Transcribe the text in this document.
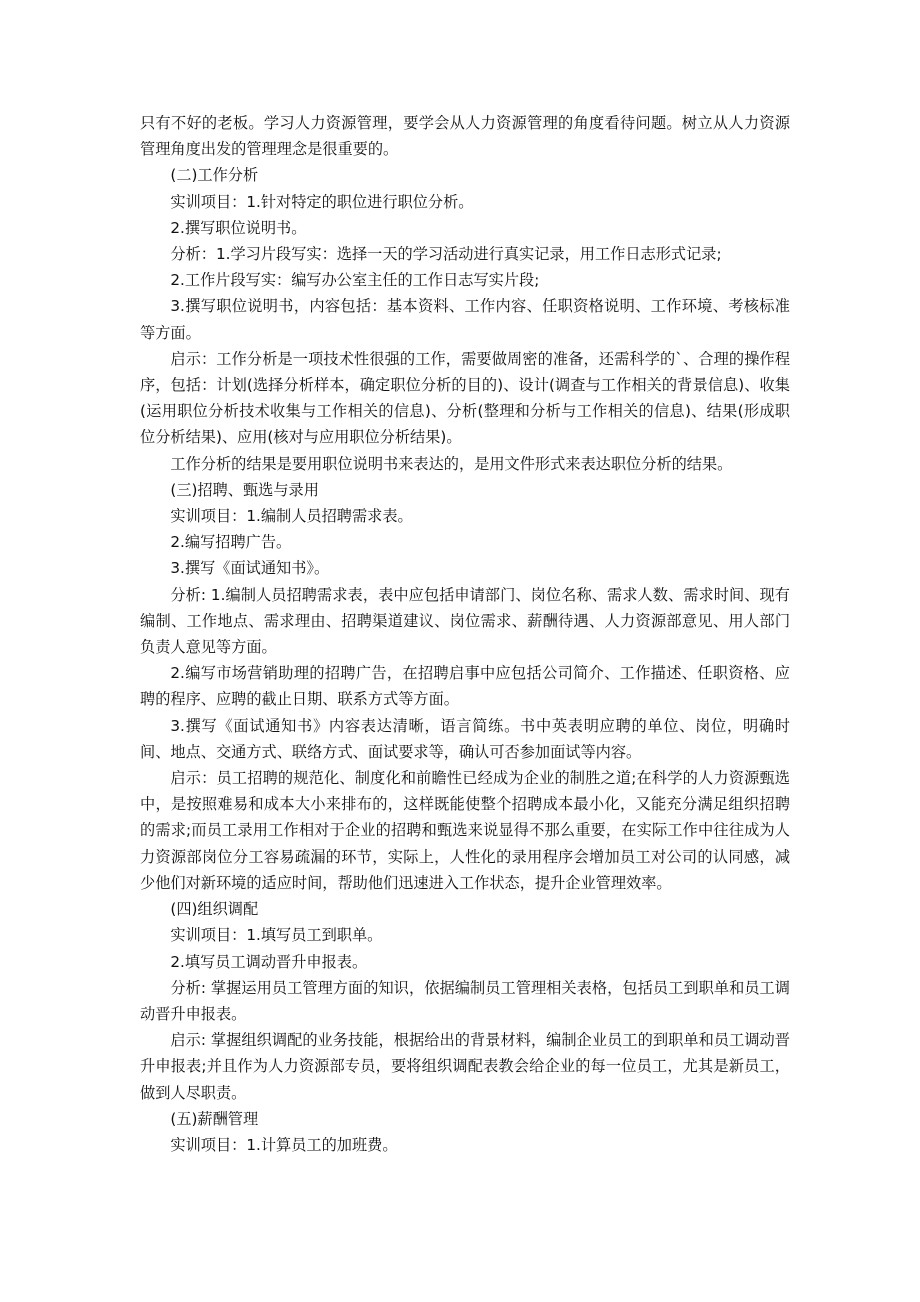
只有不好的老板。学习人力资源管理，要学会从人力资源管理的角度看待问题。树立从人力资源管理角度出发的管理理念是很重要的。

(二)工作分析

实训项目：1.针对特定的职位进行职位分析。

2.撰写职位说明书。

分析：1.学习片段写实：选择一天的学习活动进行真实记录，用工作日志形式记录;

2.工作片段写实：编写办公室主任的工作日志写实片段;

3.撰写职位说明书，内容包括：基本资料、工作内容、任职资格说明、工作环境、考核标准等方面。

启示：工作分析是一项技术性很强的工作，需要做周密的准备，还需科学的`、合理的操作程序，包括：计划(选择分析样本，确定职位分析的目的)、设计(调查与工作相关的背景信息)、收集(运用职位分析技术收集与工作相关的信息)、分析(整理和分析与工作相关的信息)、结果(形成职位分析结果)、应用(核对与应用职位分析结果)。

工作分析的结果是要用职位说明书来表达的，是用文件形式来表达职位分析的结果。

(三)招聘、甄选与录用

实训项目：1.编制人员招聘需求表。

2.编写招聘广告。

3.撰写《面试通知书》。

分析: 1.编制人员招聘需求表，表中应包括申请部门、岗位名称、需求人数、需求时间、现有编制、工作地点、需求理由、招聘渠道建议、岗位需求、薪酬待遇、人力资源部意见、用人部门负责人意见等方面。

2.编写市场营销助理的招聘广告，在招聘启事中应包括公司简介、工作描述、任职资格、应聘的程序、应聘的截止日期、联系方式等方面。

3.撰写《面试通知书》内容表达清晰，语言简练。书中英表明应聘的单位、岗位，明确时间、地点、交通方式、联络方式、面试要求等，确认可否参加面试等内容。

启示：员工招聘的规范化、制度化和前瞻性已经成为企业的制胜之道;在科学的人力资源甄选中，是按照难易和成本大小来排布的，这样既能使整个招聘成本最小化，又能充分满足组织招聘的需求;而员工录用工作相对于企业的招聘和甄选来说显得不那么重要，在实际工作中往往成为人力资源部岗位分工容易疏漏的环节，实际上，人性化的录用程序会增加员工对公司的认同感，减少他们对新环境的适应时间，帮助他们迅速进入工作状态，提升企业管理效率。

(四)组织调配

实训项目：1.填写员工到职单。

2.填写员工调动晋升申报表。

分析: 掌握运用员工管理方面的知识，依据编制员工管理相关表格，包括员工到职单和员工调动晋升申报表。

启示: 掌握组织调配的业务技能，根据给出的背景材料，编制企业员工的到职单和员工调动晋升申报表;并且作为人力资源部专员，要将组织调配表教会给企业的每一位员工，尤其是新员工，做到人尽职责。

(五)薪酬管理

实训项目：1.计算员工的加班费。
